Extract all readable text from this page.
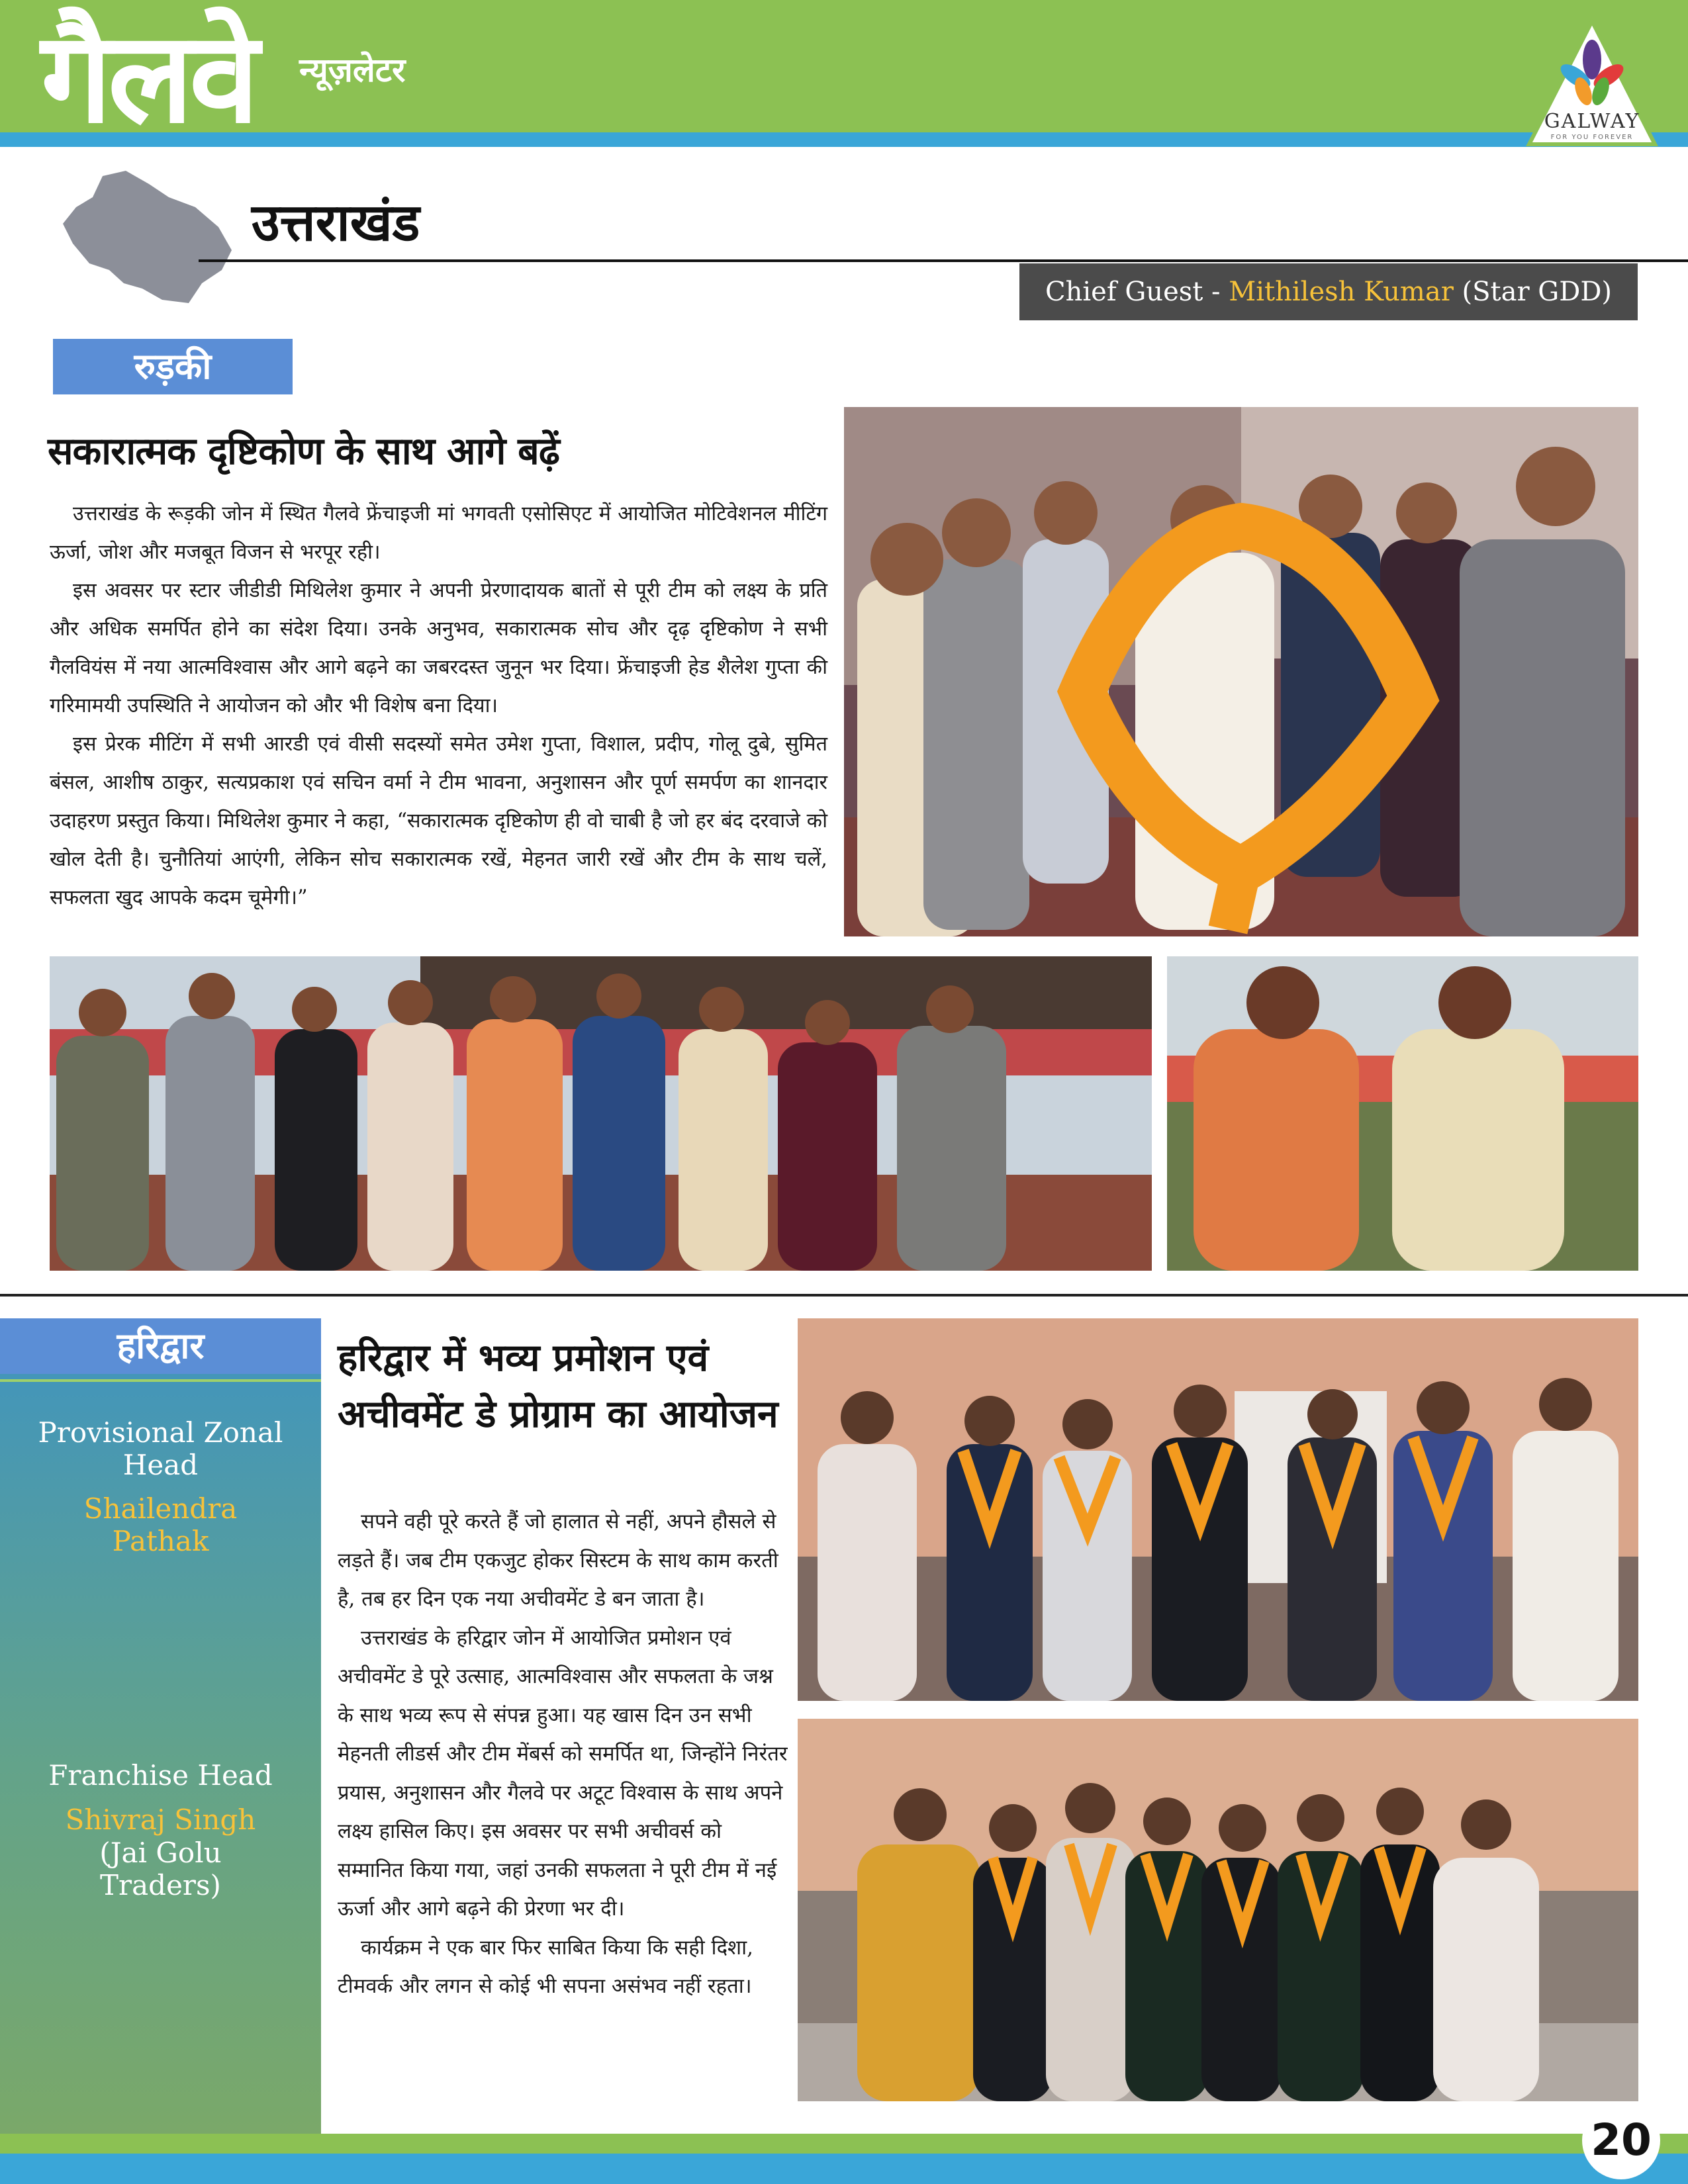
गैलवे न्यूज़लेटर
GALWAY
FOR YOU FOREVER
उत्तराखंड
Chief Guest - Mithilesh Kumar (Star GDD)
रुड़की
सकारात्मक दृष्टिकोण के साथ आगे बढ़ें

उत्तराखंड के रूड़की जोन में स्थित गैलवे फ्रेंचाइजी मां भगवती एसोसिएट में आयोजित मोटिवेशनल मीटिंग ऊर्जा, जोश और मजबूत विजन से भरपूर रही।

इस अवसर पर स्टार जीडीडी मिथिलेश कुमार ने अपनी प्रेरणादायक बातों से पूरी टीम को लक्ष्य के प्रति और अधिक समर्पित होने का संदेश दिया। उनके अनुभव, सकारात्मक सोच और दृढ़ दृष्टिकोण ने सभी गैलवियंस में नया आत्मविश्वास और आगे बढ़ने का जबरदस्त जुनून भर दिया। फ्रेंचाइजी हेड शैलेश गुप्ता की गरिमामयी उपस्थिति ने आयोजन को और भी विशेष बना दिया।

इस प्रेरक मीटिंग में सभी आरडी एवं वीसी सदस्यों समेत उमेश गुप्ता, विशाल, प्रदीप, गोलू दुबे, सुमित बंसल, आशीष ठाकुर, सत्यप्रकाश एवं सचिन वर्मा ने टीम भावना, अनुशासन और पूर्ण समर्पण का शानदार उदाहरण प्रस्तुत किया। मिथिलेश कुमार ने कहा, “सकारात्मक दृष्टिकोण ही वो चाबी है जो हर बंद दरवाजे को खोल देती है। चुनौतियां आएंगी, लेकिन सोच सकारात्मक रखें, मेहनत जारी रखें और टीम के साथ चलें, सफलता खुद आपके कदम चूमेगी।”

हरिद्वार
Provisional Zonal Head
Shailendra Pathak
Franchise Head
Shivraj Singh
(Jai Golu Traders)
हरिद्वार में भव्य प्रमोशन एवं अचीवमेंट डे प्रोग्राम का आयोजन

सपने वही पूरे करते हैं जो हालात से नहीं, अपने हौसले से लड़ते हैं। जब टीम एकजुट होकर सिस्टम के साथ काम करती है, तब हर दिन एक नया अचीवमेंट डे बन जाता है।

उत्तराखंड के हरिद्वार जोन में आयोजित प्रमोशन एवं अचीवमेंट डे पूरे उत्साह, आत्मविश्वास और सफलता के जश्न के साथ भव्य रूप से संपन्न हुआ। यह खास दिन उन सभी मेहनती लीडर्स और टीम मेंबर्स को समर्पित था, जिन्होंने निरंतर प्रयास, अनुशासन और गैलवे पर अटूट विश्वास के साथ अपने लक्ष्य हासिल किए। इस अवसर पर सभी अचीवर्स को सम्मानित किया गया, जहां उनकी सफलता ने पूरी टीम में नई ऊर्जा और आगे बढ़ने की प्रेरणा भर दी।

कार्यक्रम ने एक बार फिर साबित किया कि सही दिशा, टीमवर्क और लगन से कोई भी सपना असंभव नहीं रहता।

20
